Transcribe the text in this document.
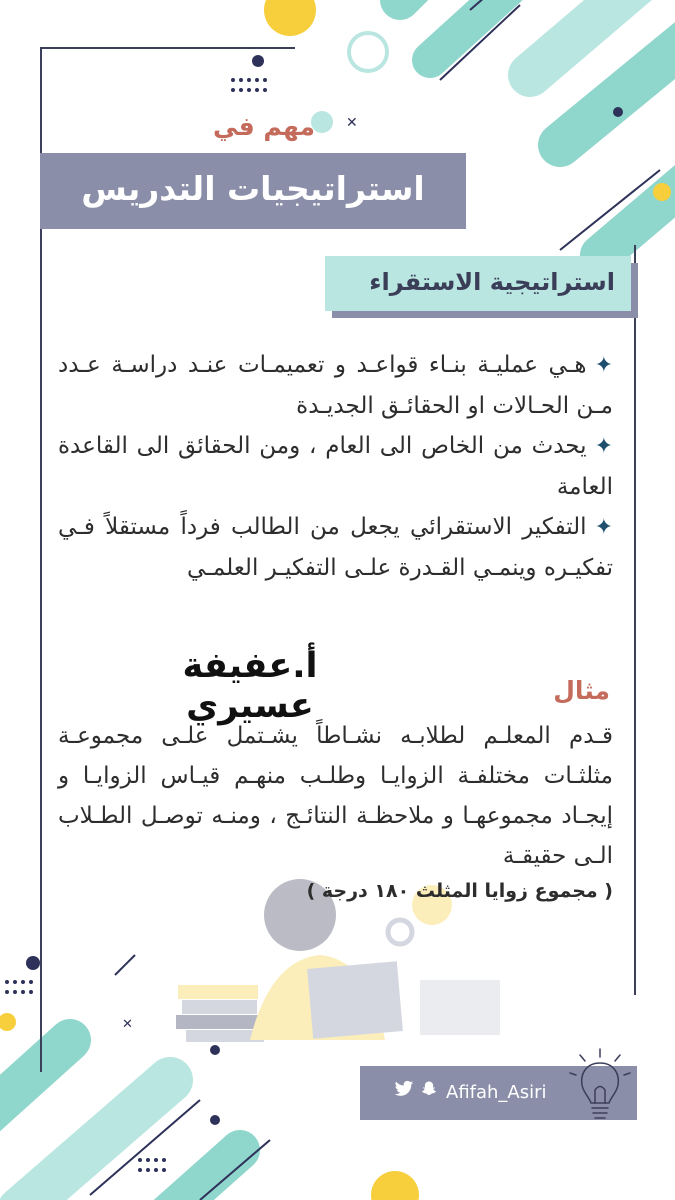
✕
✕
مهم في
استراتيجيات التدريس
استراتيجية الاستقراء

✦هـي عمليـة بنـاء قواعـد و تعميمـات عنـد دراسـة عـدد مـن الحـالات او الحقائـق الجديـدة

✦يحدث من الخاص الى العام ، ومن الحقائق الى القاعدة العامة

✦التفكير الاستقرائي يجعل من الطالب فرداً مستقلاً فـي تفكيـره وينمـي القـدرة علـى التفكيـر العلمـي

أ.عفيفة عسيري	مثال

قـدم المعلـم لطلابـه نشـاطاً يشـتمل علـى مجموعـة مثلثـات مختلفـة الزوايـا وطلـب منهـم قيـاس الزوايـا و إيجـاد مجموعهـا و ملاحظـة النتائـج ، ومنـه توصـل الطـلاب الـى حقيقـة

( مجموع زوايا المثلث ١٨٠ درجة )
Afifah_Asiri
